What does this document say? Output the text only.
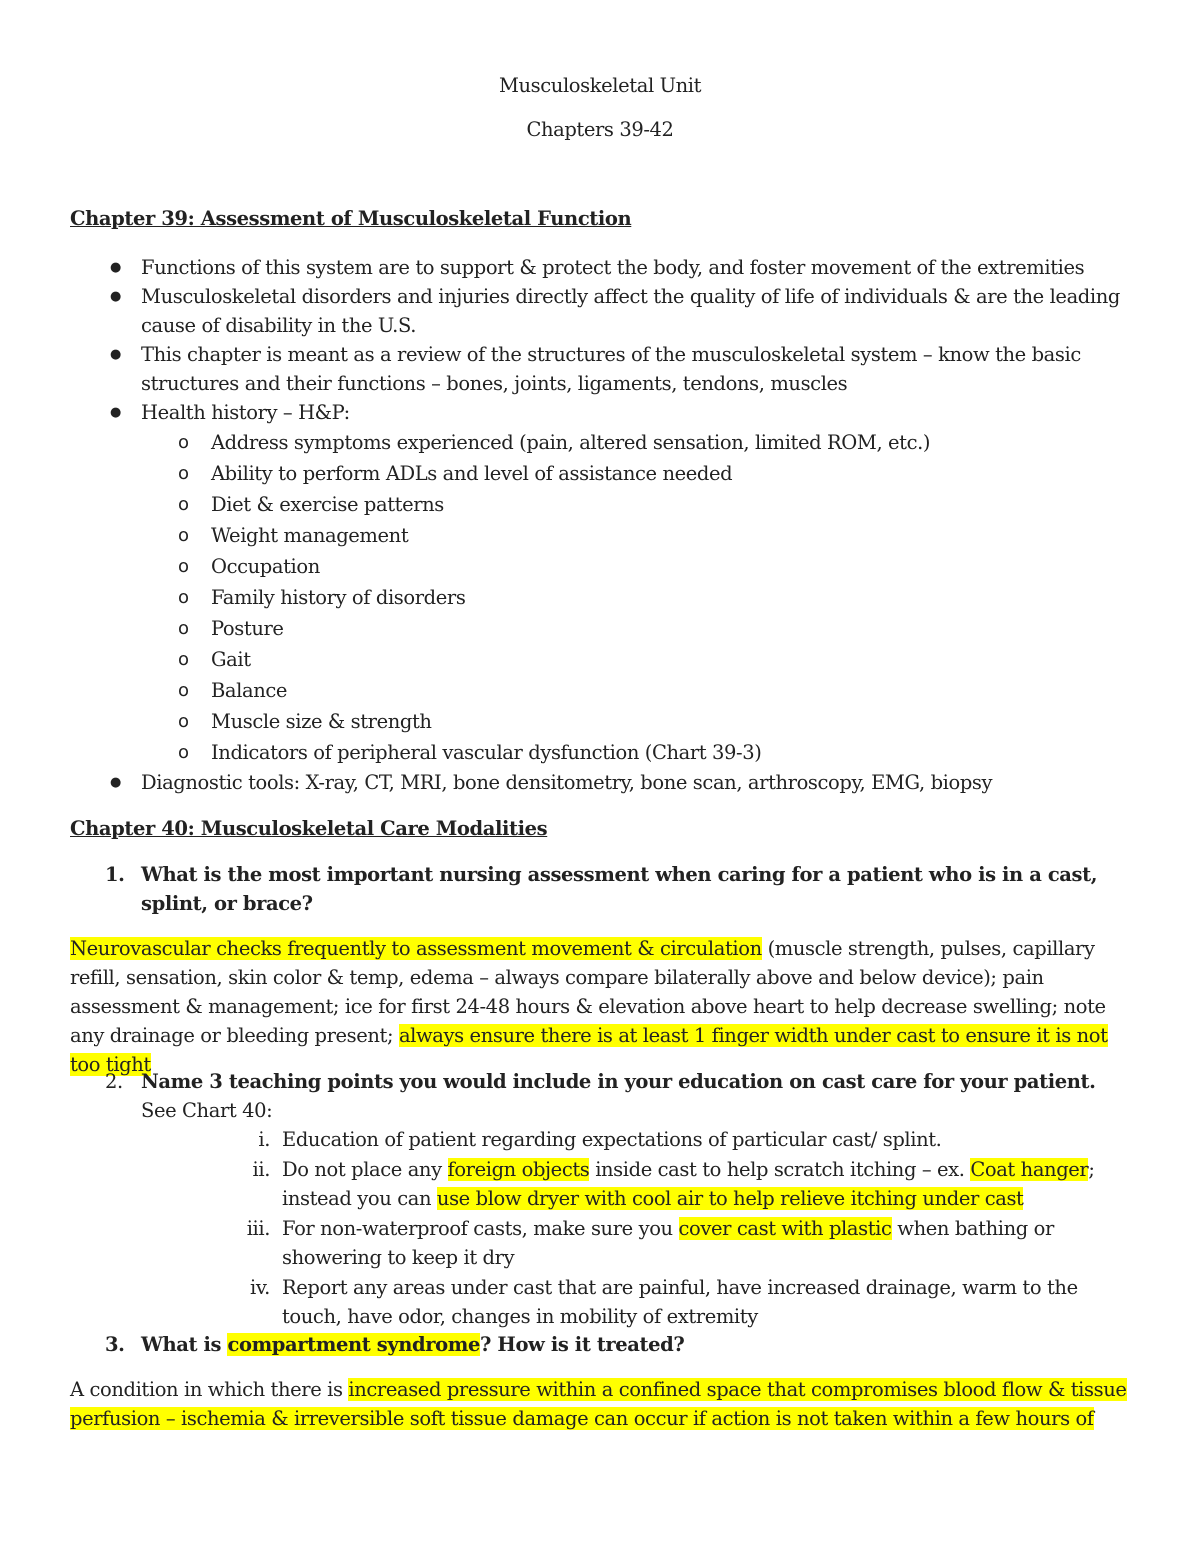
Musculoskeletal Unit
Chapters 39-42
Chapter 39: Assessment of Musculoskeletal Function
● Functions of this system are to support & protect the body, and foster movement of the extremities
● Musculoskeletal disorders and injuries directly affect the quality of life of individuals & are the leading cause of disability in the U.S.
● This chapter is meant as a review of the structures of the musculoskeletal system – know the basic structures and their functions – bones, joints, ligaments, tendons, muscles
● Health history – H&P:
o Address symptoms experienced (pain, altered sensation, limited ROM, etc.)
o Ability to perform ADLs and level of assistance needed
o Diet & exercise patterns
o Weight management
o Occupation
o Family history of disorders
o Posture
o Gait
o Balance
o Muscle size & strength
o Indicators of peripheral vascular dysfunction (Chart 39-3)
● Diagnostic tools: X-ray, CT, MRI, bone densitometry, bone scan, arthroscopy, EMG, biopsy
Chapter 40: Musculoskeletal Care Modalities
1. What is the most important nursing assessment when caring for a patient who is in a cast, splint, or brace?
Neurovascular checks frequently to assessment movement & circulation (muscle strength, pulses, capillary refill, sensation, skin color & temp, edema – always compare bilaterally above and below device); pain assessment & management; ice for first 24-48 hours & elevation above heart to help decrease swelling; note any drainage or bleeding present; always ensure there is at least 1 finger width under cast to ensure it is not too tight
2. Name 3 teaching points you would include in your education on cast care for your patient. See Chart 40:
i. Education of patient regarding expectations of particular cast/ splint.
ii. Do not place any foreign objects inside cast to help scratch itching – ex. Coat hanger; instead you can use blow dryer with cool air to help relieve itching under cast
iii. For non-waterproof casts, make sure you cover cast with plastic when bathing or showering to keep it dry
iv. Report any areas under cast that are painful, have increased drainage, warm to the touch, have odor, changes in mobility of extremity
3. What is compartment syndrome? How is it treated?
A condition in which there is increased pressure within a confined space that compromises blood flow & tissue perfusion – ischemia & irreversible soft tissue damage can occur if action is not taken within a few hours of
